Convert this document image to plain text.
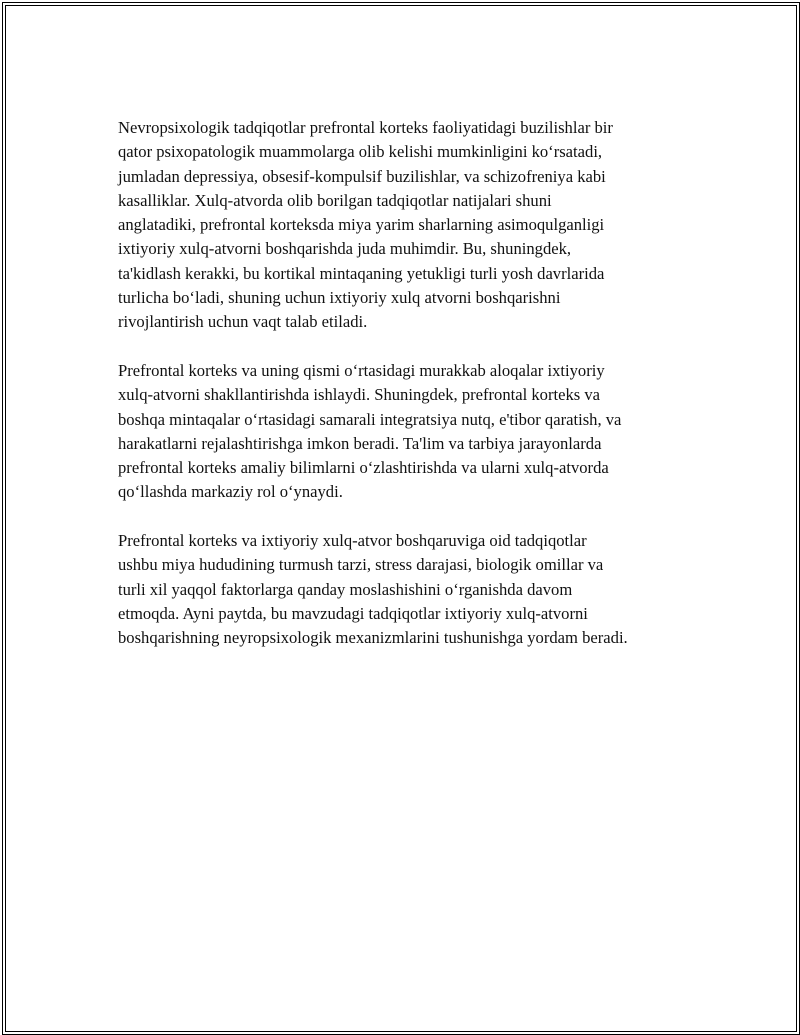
Nevropsixologik tadqiqotlar prefrontal korteks faoliyatidagi buzilishlar bir
qator psixopatologik muammolarga olib kelishi mumkinligini ko‘rsatadi,
jumladan depressiya, obsesif-kompulsif buzilishlar, va schizofreniya kabi
kasalliklar. Xulq-atvorda olib borilgan tadqiqotlar natijalari shuni
anglatadiki, prefrontal korteksda miya yarim sharlarning asimoqulganligi
ixtiyoriy xulq-atvorni boshqarishda juda muhimdir. Bu, shuningdek,
ta'kidlash kerakki, bu kortikal mintaqaning yetukligi turli yosh davrlarida
turlicha bo‘ladi, shuning uchun ixtiyoriy xulq atvorni boshqarishni
rivojlantirish uchun vaqt talab etiladi.

Prefrontal korteks va uning qismi o‘rtasidagi murakkab aloqalar ixtiyoriy
xulq-atvorni shakllantirishda ishlaydi. Shuningdek, prefrontal korteks va
boshqa mintaqalar o‘rtasidagi samarali integratsiya nutq, e'tibor qaratish, va
harakatlarni rejalashtirishga imkon beradi. Ta'lim va tarbiya jarayonlarda
prefrontal korteks amaliy bilimlarni o‘zlashtirishda va ularni xulq-atvorda
qo‘llashda markaziy rol o‘ynaydi.

Prefrontal korteks va ixtiyoriy xulq-atvor boshqaruviga oid tadqiqotlar
ushbu miya hududining turmush tarzi, stress darajasi, biologik omillar va
turli xil yaqqol faktorlarga qanday moslashishini o‘rganishda davom
etmoqda. Ayni paytda, bu mavzudagi tadqiqotlar ixtiyoriy xulq-atvorni
boshqarishning neyropsixologik mexanizmlarini tushunishga yordam beradi.
